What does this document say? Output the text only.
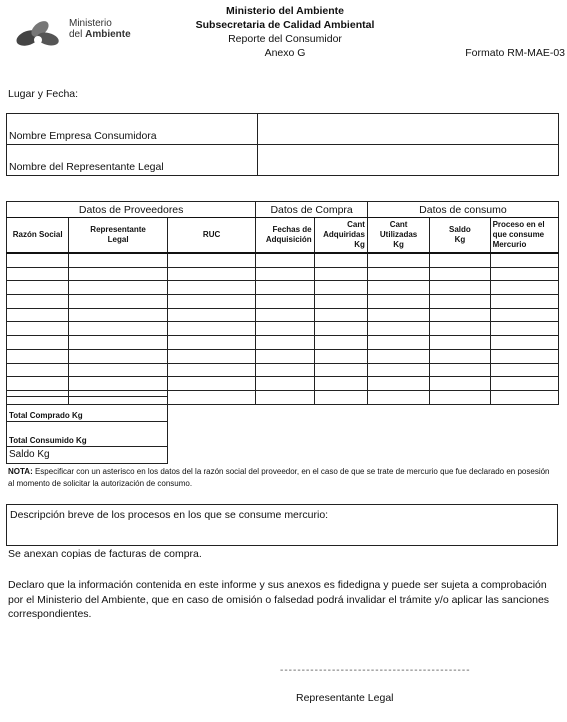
Ministerio
del Ambiente
Ministerio del Ambiente
Subsecretaria de Calidad Ambiental
Reporte del Consumidor
Anexo G	Formato RM-MAE-03
Lugar y Fecha:
Nombre Empresa Consumidora	
Nombre del Representante Legal	
Datos de Proveedores			Datos de Compra		Datos de consumo		
Razón Social	Representante Legal	RUC	Fechas de Adquisición	Cant Adquiridas Kg	Cant Utilizadas Kg	Saldo Kg	Proceso en el que consume Mercurio

Total Comprado Kg
Total Consumido Kg
Saldo Kg
NOTA: Especificar con un asterisco en los datos del la razón social del proveedor, en el caso de que se trate de mercurio que fue declarado en posesión al momento de solicitar la autorización de consumo.
Descripción breve de los procesos en los que se consume mercurio:
Se anexan copias de facturas de compra.
Declaro que la información contenida en este informe y sus anexos es fidedigna y puede ser sujeta a comprobación por el Ministerio del Ambiente, que en caso de omisión o falsedad podrá invalidar el trámite y/o aplicar las sanciones correspondientes.
--------------------------------------------
Representante Legal
